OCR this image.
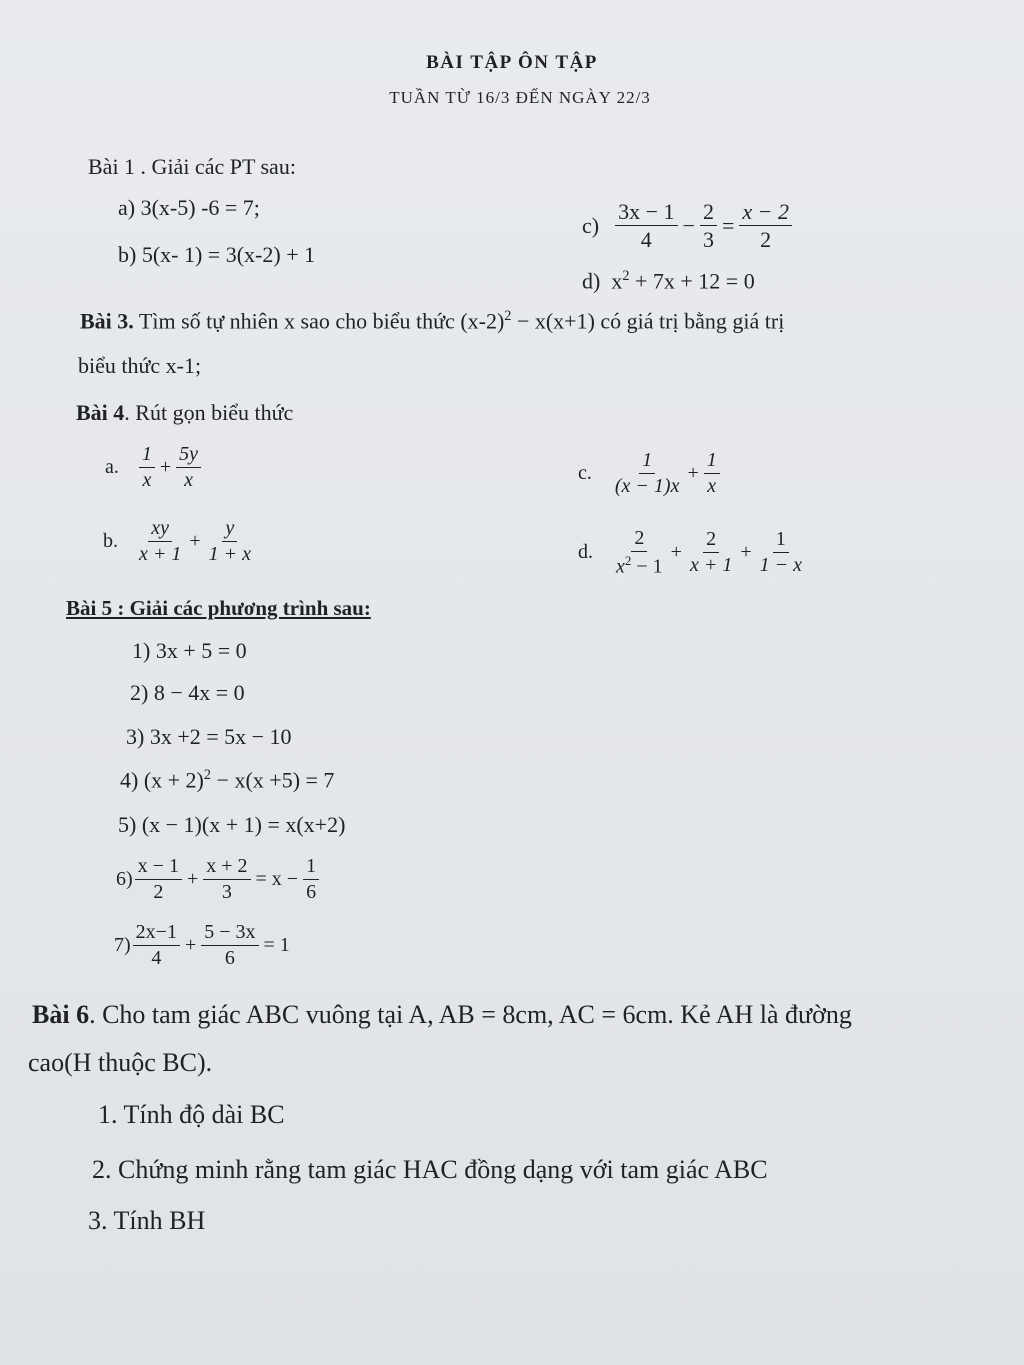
BÀI TẬP ÔN TẬP
TUẦN TỪ 16/3 ĐẾN NGÀY 22/3
Bài 1 . Giải các PT sau:
a) 3(x-5) -6 = 7;
b) 5(x- 1) = 3(x-2) + 1
$c) \frac{3x - 1}{4} - \frac{2}{3} = \frac{x - 2}{2}$
d) $x^2 + 7x + 12 = 0$
Bài 3. Tìm số tự nhiên x sao cho biểu thức $(x-2)^2 - x(x+1)$ có giá trị bằng giá trị
biểu thức x-1;
Bài 4. Rút gọn biểu thức
a. $\frac{1}{x} + \frac{5y}{x}$	c. $\frac{1}{(x - 1)x} + \frac{1}{x}$
b. $\frac{xy}{x + 1} + \frac{y}{1 + x}$	d. $\frac{2}{x^2 - 1} + \frac{2}{x + 1} + \frac{1}{1 - x}$
Bài 5 : Giải các phương trình sau:
1) 3x + 5 = 0
2) 8 − 4x = 0
3) 3x +2 = 5x − 10
4) $(x + 2)^2 - x(x +5) = 7$
5) (x − 1)(x + 1) = x(x+2)
$6) \frac{x - 1}{2} + \frac{x + 2}{3} = x - \frac{1}{6}$
$7) \frac{2x-1}{4} + \frac{5 - 3x}{6} = 1$
Bài 6. Cho tam giác ABC vuông tại A, AB = 8cm, AC = 6cm. Kẻ AH là đường
cao(H thuộc BC).
1. Tính độ dài BC
2. Chứng minh rằng tam giác HAC đồng dạng với tam giác ABC
3. Tính BH
